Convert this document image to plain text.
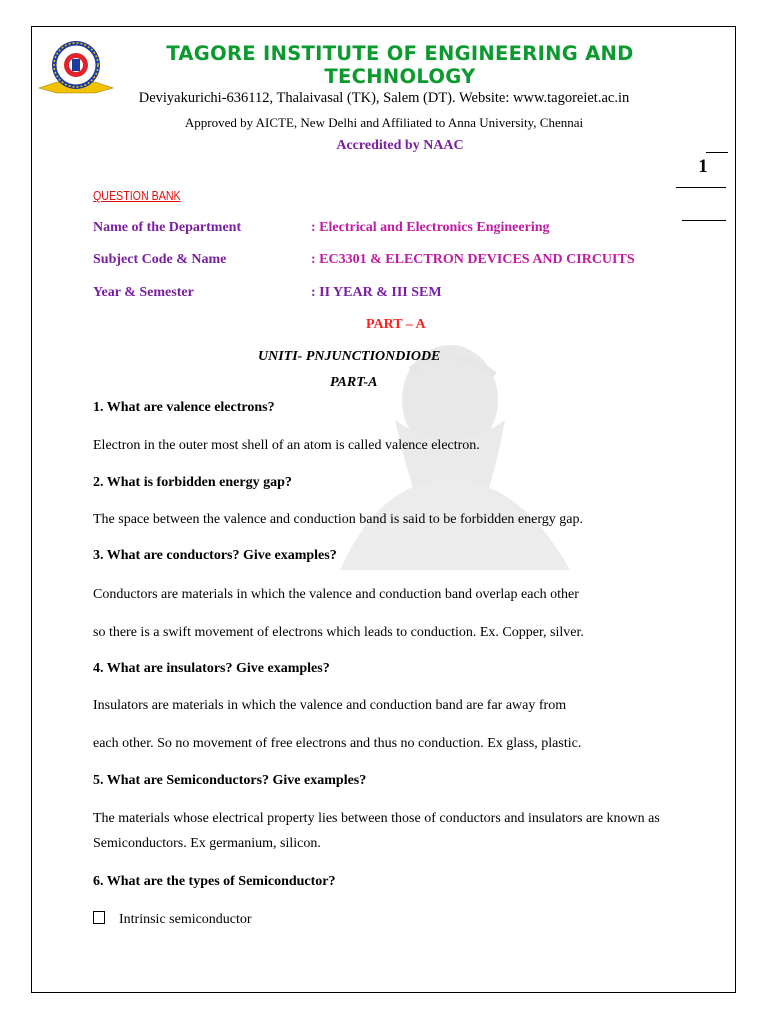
TAGORE INSTITUTE OF ENGINEERING AND
TECHNOLOGY
Deviyakurichi-636112, Thalaivasal (TK), Salem (DT). Website: www.tagoreiet.ac.in
Approved by AICTE, New Delhi and Affiliated to Anna University, Chennai
Accredited by NAAC
1
QUESTION BANK
Name of the Department	: Electrical and Electronics Engineering
Subject Code & Name	: EC3301 & ELECTRON DEVICES AND CIRCUITS
Year & Semester	: II YEAR & III SEM
PART – A
UNITI- PNJUNCTIONDIODE
PART-A
1. What are valence electrons?
Electron in the outer most shell of an atom is called valence electron.
2. What is forbidden energy gap?
The space between the valence and conduction band is said to be forbidden energy gap.
3. What are conductors? Give examples?
Conductors are materials in which the valence and conduction band overlap each other
so there is a swift movement of electrons which leads to conduction. Ex. Copper, silver.
4. What are insulators? Give examples?
Insulators are materials in which the valence and conduction band are far away from
each other. So no movement of free electrons and thus no conduction. Ex glass, plastic.
5. What are Semiconductors? Give examples?
The materials whose electrical property lies between those of conductors and insulators are known as Semiconductors. Ex germanium, silicon.
6. What are the types of Semiconductor?
Intrinsic semiconductor
